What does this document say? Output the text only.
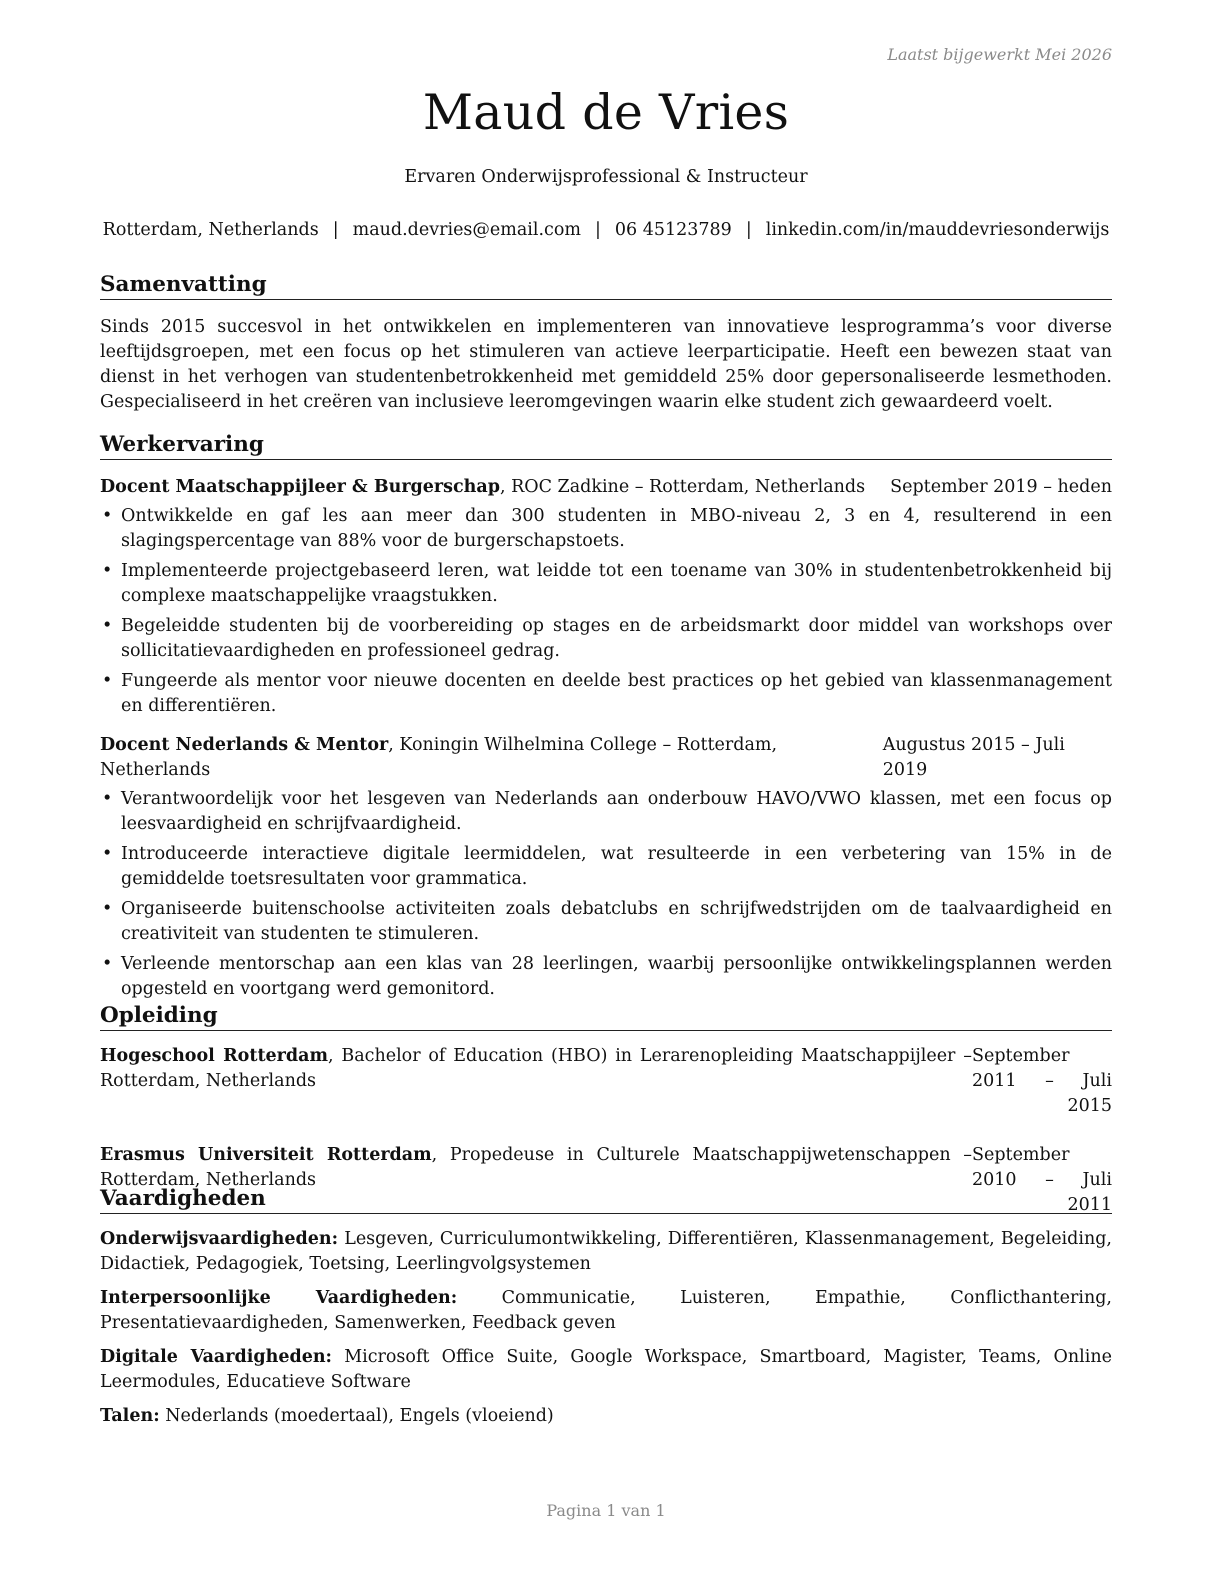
Laatst bijgewerkt Mei 2026
Maud de Vries
Ervaren Onderwijsprofessional & Instructeur
Rotterdam, Netherlands | maud.devries@email.com | 06 45123789 | linkedin.com/in/mauddevriesonderwijs
Samenvatting
Sinds 2015 succesvol in het ontwikkelen en implementeren van innovatieve lesprogramma’s voor diverse leeftijdsgroepen, met een focus op het stimuleren van actieve leerparticipatie. Heeft een bewezen staat van dienst in het verhogen van studentenbetrokkenheid met gemiddeld 25% door gepersonaliseerde lesmethoden. Gespecialiseerd in het creëren van inclusieve leeromgevingen waarin elke student zich gewaardeerd voelt.
Werkervaring
Docent Maatschappijleer & Burgerschap, ROC Zadkine – Rotterdam, Netherlands September 2019 – heden
• Ontwikkelde en gaf les aan meer dan 300 studenten in MBO-niveau 2, 3 en 4, resulterend in een slagingspercentage van 88% voor de burgerschapstoets.
• Implementeerde projectgebaseerd leren, wat leidde tot een toename van 30% in studentenbetrokkenheid bij complexe maatschappelijke vraagstukken.
• Begeleidde studenten bij de voorbereiding op stages en de arbeidsmarkt door middel van workshops over sollicitatievaardigheden en professioneel gedrag.
• Fungeerde als mentor voor nieuwe docenten en deelde best practices op het gebied van klassenmanagement en differentiëren.
Docent Nederlands & Mentor, Koningin Wilhelmina College – Rotterdam, Netherlands
Augustus 2015 – Juli 2019
• Verantwoordelijk voor het lesgeven van Nederlands aan onderbouw HAVO/VWO klassen, met een focus op leesvaardigheid en schrijfvaardigheid.
• Introduceerde interactieve digitale leermiddelen, wat resulteerde in een verbetering van 15% in de gemiddelde toetsresultaten voor grammatica.
• Organiseerde buitenschoolse activiteiten zoals debatclubs en schrijfwedstrijden om de taalvaardigheid en creativiteit van studenten te stimuleren.
• Verleende mentorschap aan een klas van 28 leerlingen, waarbij persoonlijke ontwikkelingsplannen werden opgesteld en voortgang werd gemonitord.
Opleiding
Hogeschool Rotterdam, Bachelor of Education (HBO) in Lerarenopleiding Maatschappijleer – Rotterdam, Netherlands
September 2011 – Juli 2015
Erasmus Universiteit Rotterdam, Propedeuse in Culturele Maatschappijwetenschappen – Rotterdam, Netherlands
September 2010 – Juli 2011
Vaardigheden
Onderwijsvaardigheden: Lesgeven, Curriculumontwikkeling, Differentiëren, Klassenmanagement, Begeleiding, Didactiek, Pedagogiek, Toetsing, Leerlingvolgsystemen
Interpersoonlijke Vaardigheden:	Communicatie, Luisteren, Empathie, Conflicthantering, Presentatievaardigheden, Samenwerken, Feedback geven
Digitale Vaardigheden: Microsoft Office Suite, Google Workspace, Smartboard, Magister, Teams, Online Leermodules, Educatieve Software
Talen: Nederlands (moedertaal), Engels (vloeiend)
Pagina 1 van 1
